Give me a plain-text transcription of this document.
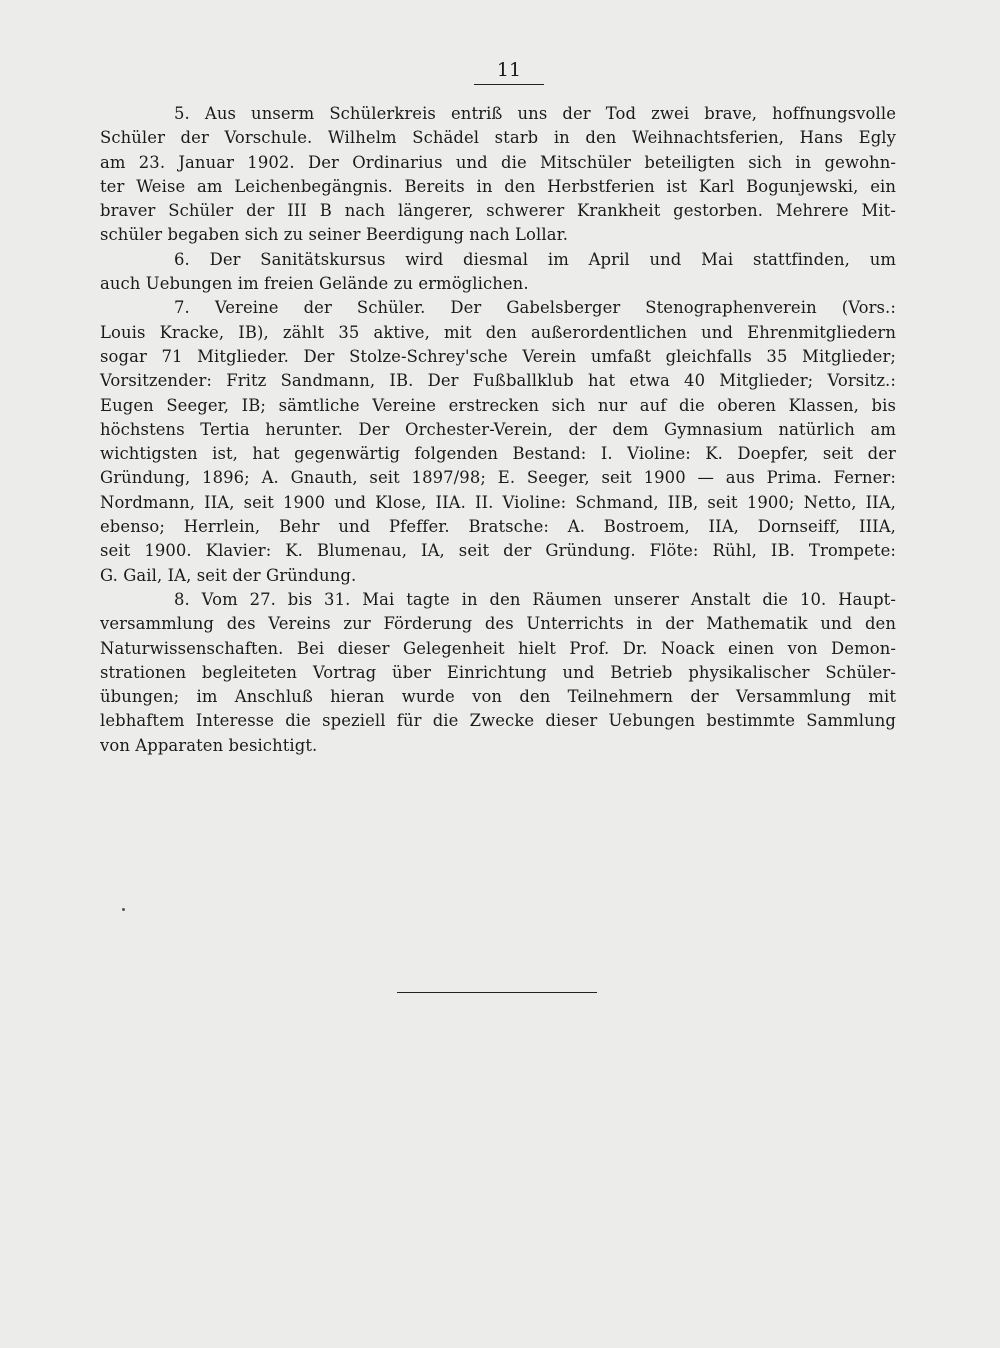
11
5. Aus unserm Schülerkreis entriß uns der Tod zwei brave, hoffnungsvolle
Schüler der Vorschule. Wilhelm Schädel starb in den Weihnachtsferien, Hans Egly
am 23. Januar 1902. Der Ordinarius und die Mitschüler beteiligten sich in gewohn-
ter Weise am Leichenbegängnis. Bereits in den Herbstferien ist Karl Bogunjewski, ein
braver Schüler der III B nach längerer, schwerer Krankheit gestorben. Mehrere Mit-
schüler begaben sich zu seiner Beerdigung nach Lollar.
6. Der Sanitätskursus wird diesmal im April und Mai stattfinden, um
auch Uebungen im freien Gelände zu ermöglichen.
7. Vereine der Schüler. Der Gabelsberger Stenographenverein (Vors.:
Louis Kracke, IB), zählt 35 aktive, mit den außerordentlichen und Ehrenmitgliedern
sogar 71 Mitglieder. Der Stolze-Schrey'sche Verein umfaßt gleichfalls 35 Mitglieder;
Vorsitzender: Fritz Sandmann, IB. Der Fußballklub hat etwa 40 Mitglieder; Vorsitz.:
Eugen Seeger, IB; sämtliche Vereine erstrecken sich nur auf die oberen Klassen, bis
höchstens Tertia herunter. Der Orchester-Verein, der dem Gymnasium natürlich am
wichtigsten ist, hat gegenwärtig folgenden Bestand: I. Violine: K. Doepfer, seit der
Gründung, 1896; A. Gnauth, seit 1897/98; E. Seeger, seit 1900 — aus Prima. Ferner:
Nordmann, IIA, seit 1900 und Klose, IIA. II. Violine: Schmand, IIB, seit 1900; Netto, IIA,
ebenso; Herrlein, Behr und Pfeffer. Bratsche: A. Bostroem, IIA, Dornseiff, IIIA,
seit 1900. Klavier: K. Blumenau, IA, seit der Gründung. Flöte: Rühl, IB. Trompete:
G. Gail, IA, seit der Gründung.
8. Vom 27. bis 31. Mai tagte in den Räumen unserer Anstalt die 10. Haupt-
versammlung des Vereins zur Förderung des Unterrichts in der Mathematik und den
Naturwissenschaften. Bei dieser Gelegenheit hielt Prof. Dr. Noack einen von Demon-
strationen begleiteten Vortrag über Einrichtung und Betrieb physikalischer Schüler-
übungen; im Anschluß hieran wurde von den Teilnehmern der Versammlung mit
lebhaftem Interesse die speziell für die Zwecke dieser Uebungen bestimmte Sammlung
von Apparaten besichtigt.
